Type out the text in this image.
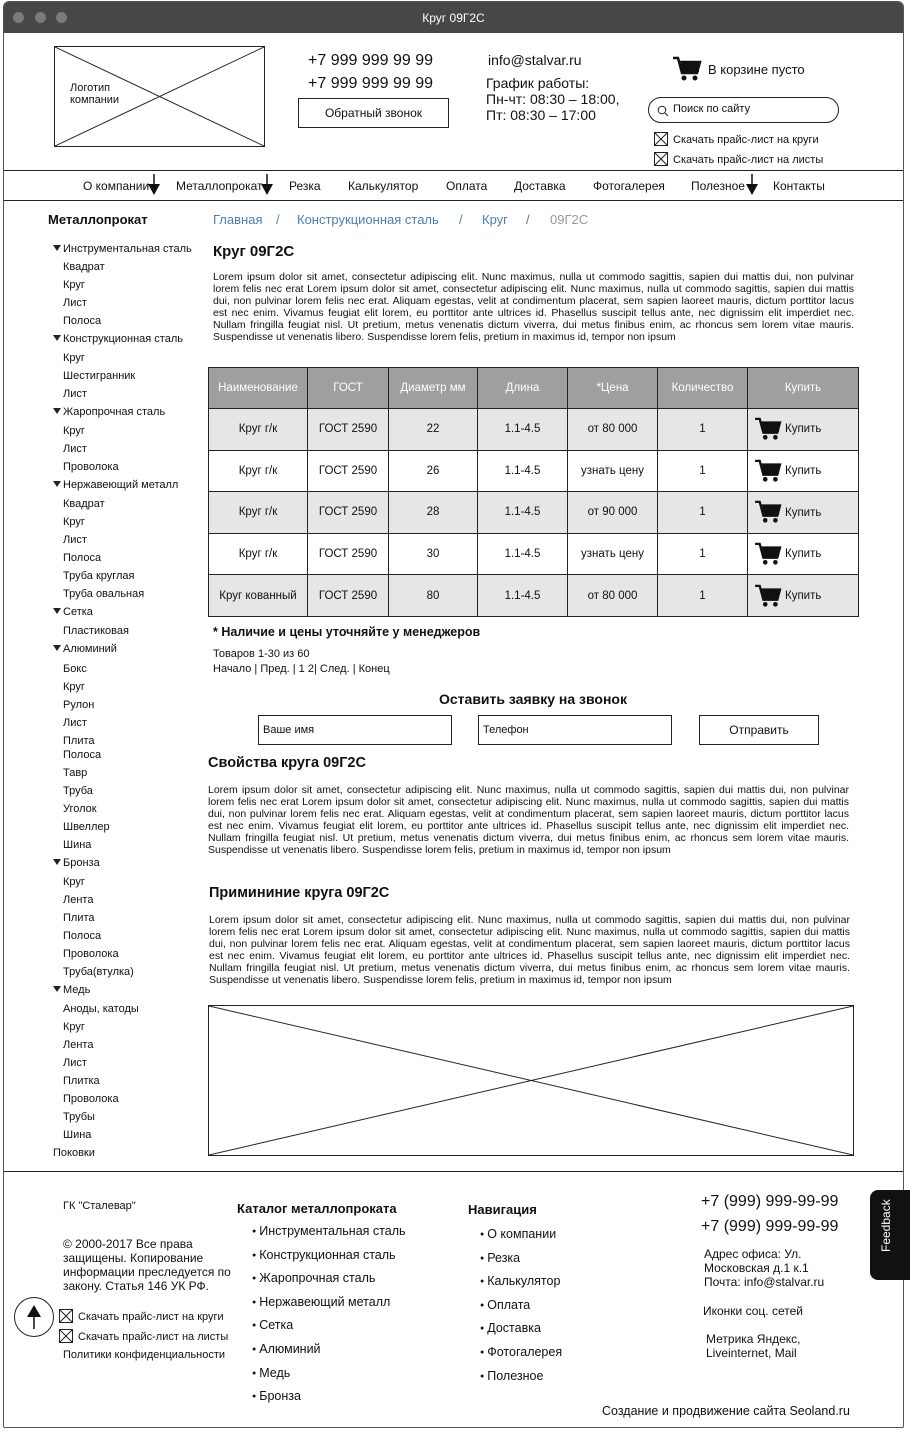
Круг 09Г2С
Логотип
компании
+7 999 999 99 99
+7 999 999 99 99
Обратный звонок
info@stalvar.ru
График работы:
Пн-чт: 08:30 – 18:00,
Пт: 08:30 – 17:00
В корзине пусто
Поиск по сайту
Скачать прайс-лист на круги
Скачать прайс-лист на листы
О компании Металлопрокат Резка Калькулятор Оплата Доставка Фотогалерея Полезное Контакты
Металлопрокат
Инструментальная сталь
Квадрат
Круг
Лист
Полоса
Конструкционная сталь
Круг
Шестигранник
Лист
Жаропрочная сталь
Круг
Лист
Проволока
Нержавеющий металл
Квадрат
Круг
Лист
Полоса
Труба круглая
Труба овальная
Сетка
Пластиковая
Алюминий
Бокс
Круг
Рулон
Лист
Плита
Полоса
Тавр
Труба
Уголок
Швеллер
Шина
Бронза
Круг
Лента
Плита
Полоса
Проволока
Труба(втулка)
Медь
Аноды, катоды
Круг
Лента
Лист
Плитка
Проволока
Трубы
Шина
Поковки
Главная / Конструкционная сталь / Круг / 09Г2С
Круг 09Г2С
Lorem ipsum dolor sit amet, consectetur adipiscing elit. Nunc maximus, nulla ut commodo sagittis, sapien dui mattis dui, non pulvinar lorem felis nec erat Lorem ipsum dolor sit amet, consectetur adipiscing elit. Nunc maximus, nulla ut commodo sagittis, sapien dui mattis dui, non pulvinar lorem felis nec erat. Aliquam egestas, velit at condimentum placerat, sem sapien laoreet mauris, dictum porttitor lacus est nec enim. Vivamus feugiat elit lorem, eu porttitor ante ultrices id. Phasellus suscipit tellus ante, nec dignissim elit imperdiet nec. Nullam fringilla feugiat nisl. Ut pretium, metus venenatis dictum viverra, dui metus finibus enim, ac rhoncus sem lorem vitae mauris. Suspendisse ut venenatis libero. Suspendisse lorem felis, pretium in maximus id, tempor non ipsum
Наименование	ГОСТ	Диаметр мм	Длина	*Цена	Количество	Купить
Круг г/к	ГОСТ 2590	22	1.1-4.5	от 80 000	1	Купить
Круг г/к	ГОСТ 2590	26	1.1-4.5	узнать цену	1	Купить
Круг г/к	ГОСТ 2590	28	1.1-4.5	от 90 000	1	Купить
Круг г/к	ГОСТ 2590	30	1.1-4.5	узнать цену	1	Купить
Круг кованный	ГОСТ 2590	80	1.1-4.5	от 80 000	1	Купить
* Наличие и цены уточняйте у менеджеров
Товаров 1-30 из 60
Начало | Пред. | 1 2| След. | Конец
Оставить заявку на звонок
Ваше имя	Телефон	Отправить
Свойства круга 09Г2С
Lorem ipsum dolor sit amet, consectetur adipiscing elit. Nunc maximus, nulla ut commodo sagittis, sapien dui mattis dui, non pulvinar lorem felis nec erat Lorem ipsum dolor sit amet, consectetur adipiscing elit. Nunc maximus, nulla ut commodo sagittis, sapien dui mattis dui, non pulvinar lorem felis nec erat. Aliquam egestas, velit at condimentum placerat, sem sapien laoreet mauris, dictum porttitor lacus est nec enim. Vivamus feugiat elit lorem, eu porttitor ante ultrices id. Phasellus suscipit tellus ante, nec dignissim elit imperdiet nec. Nullam fringilla feugiat nisl. Ut pretium, metus venenatis dictum viverra, dui metus finibus enim, ac rhoncus sem lorem vitae mauris. Suspendisse ut venenatis libero. Suspendisse lorem felis, pretium in maximus id, tempor non ipsum
Примининие круга 09Г2С
Lorem ipsum dolor sit amet, consectetur adipiscing elit. Nunc maximus, nulla ut commodo sagittis, sapien dui mattis dui, non pulvinar lorem felis nec erat Lorem ipsum dolor sit amet, consectetur adipiscing elit. Nunc maximus, nulla ut commodo sagittis, sapien dui mattis dui, non pulvinar lorem felis nec erat. Aliquam egestas, velit at condimentum placerat, sem sapien laoreet mauris, dictum porttitor lacus est nec enim. Vivamus feugiat elit lorem, eu porttitor ante ultrices id. Phasellus suscipit tellus ante, nec dignissim elit imperdiet nec. Nullam fringilla feugiat nisl. Ut pretium, metus venenatis dictum viverra, dui metus finibus enim, ac rhoncus sem lorem vitae mauris. Suspendisse ut venenatis libero. Suspendisse lorem felis, pretium in maximus id, tempor non ipsum
ГК "Сталевар"
© 2000-2017 Все права защищены. Копирование информации преследуется по закону. Статья 146 УК РФ.
Скачать прайс-лист на круги
Скачать прайс-лист на листы
Политики конфиденциальности
Каталог металлопроката
● Инструментальная сталь
● Конструкционная сталь
● Жаропрочная сталь
● Нержавеющий металл
● Сетка
● Алюминий
● Медь
● Бронза
Навигация
● О компании
● Резка
● Калькулятор
● Оплата
● Доставка
● Фотогалерея
● Полезное
+7 (999) 999-99-99
+7 (999) 999-99-99
Адрес офиса: Ул. Московская д.1 к.1
Почта: info@stalvar.ru
Иконки соц. сетей
Метрика Яндекс, Liveinternet, Mail
Создание и продвижение сайта Seoland.ru
Feedback
